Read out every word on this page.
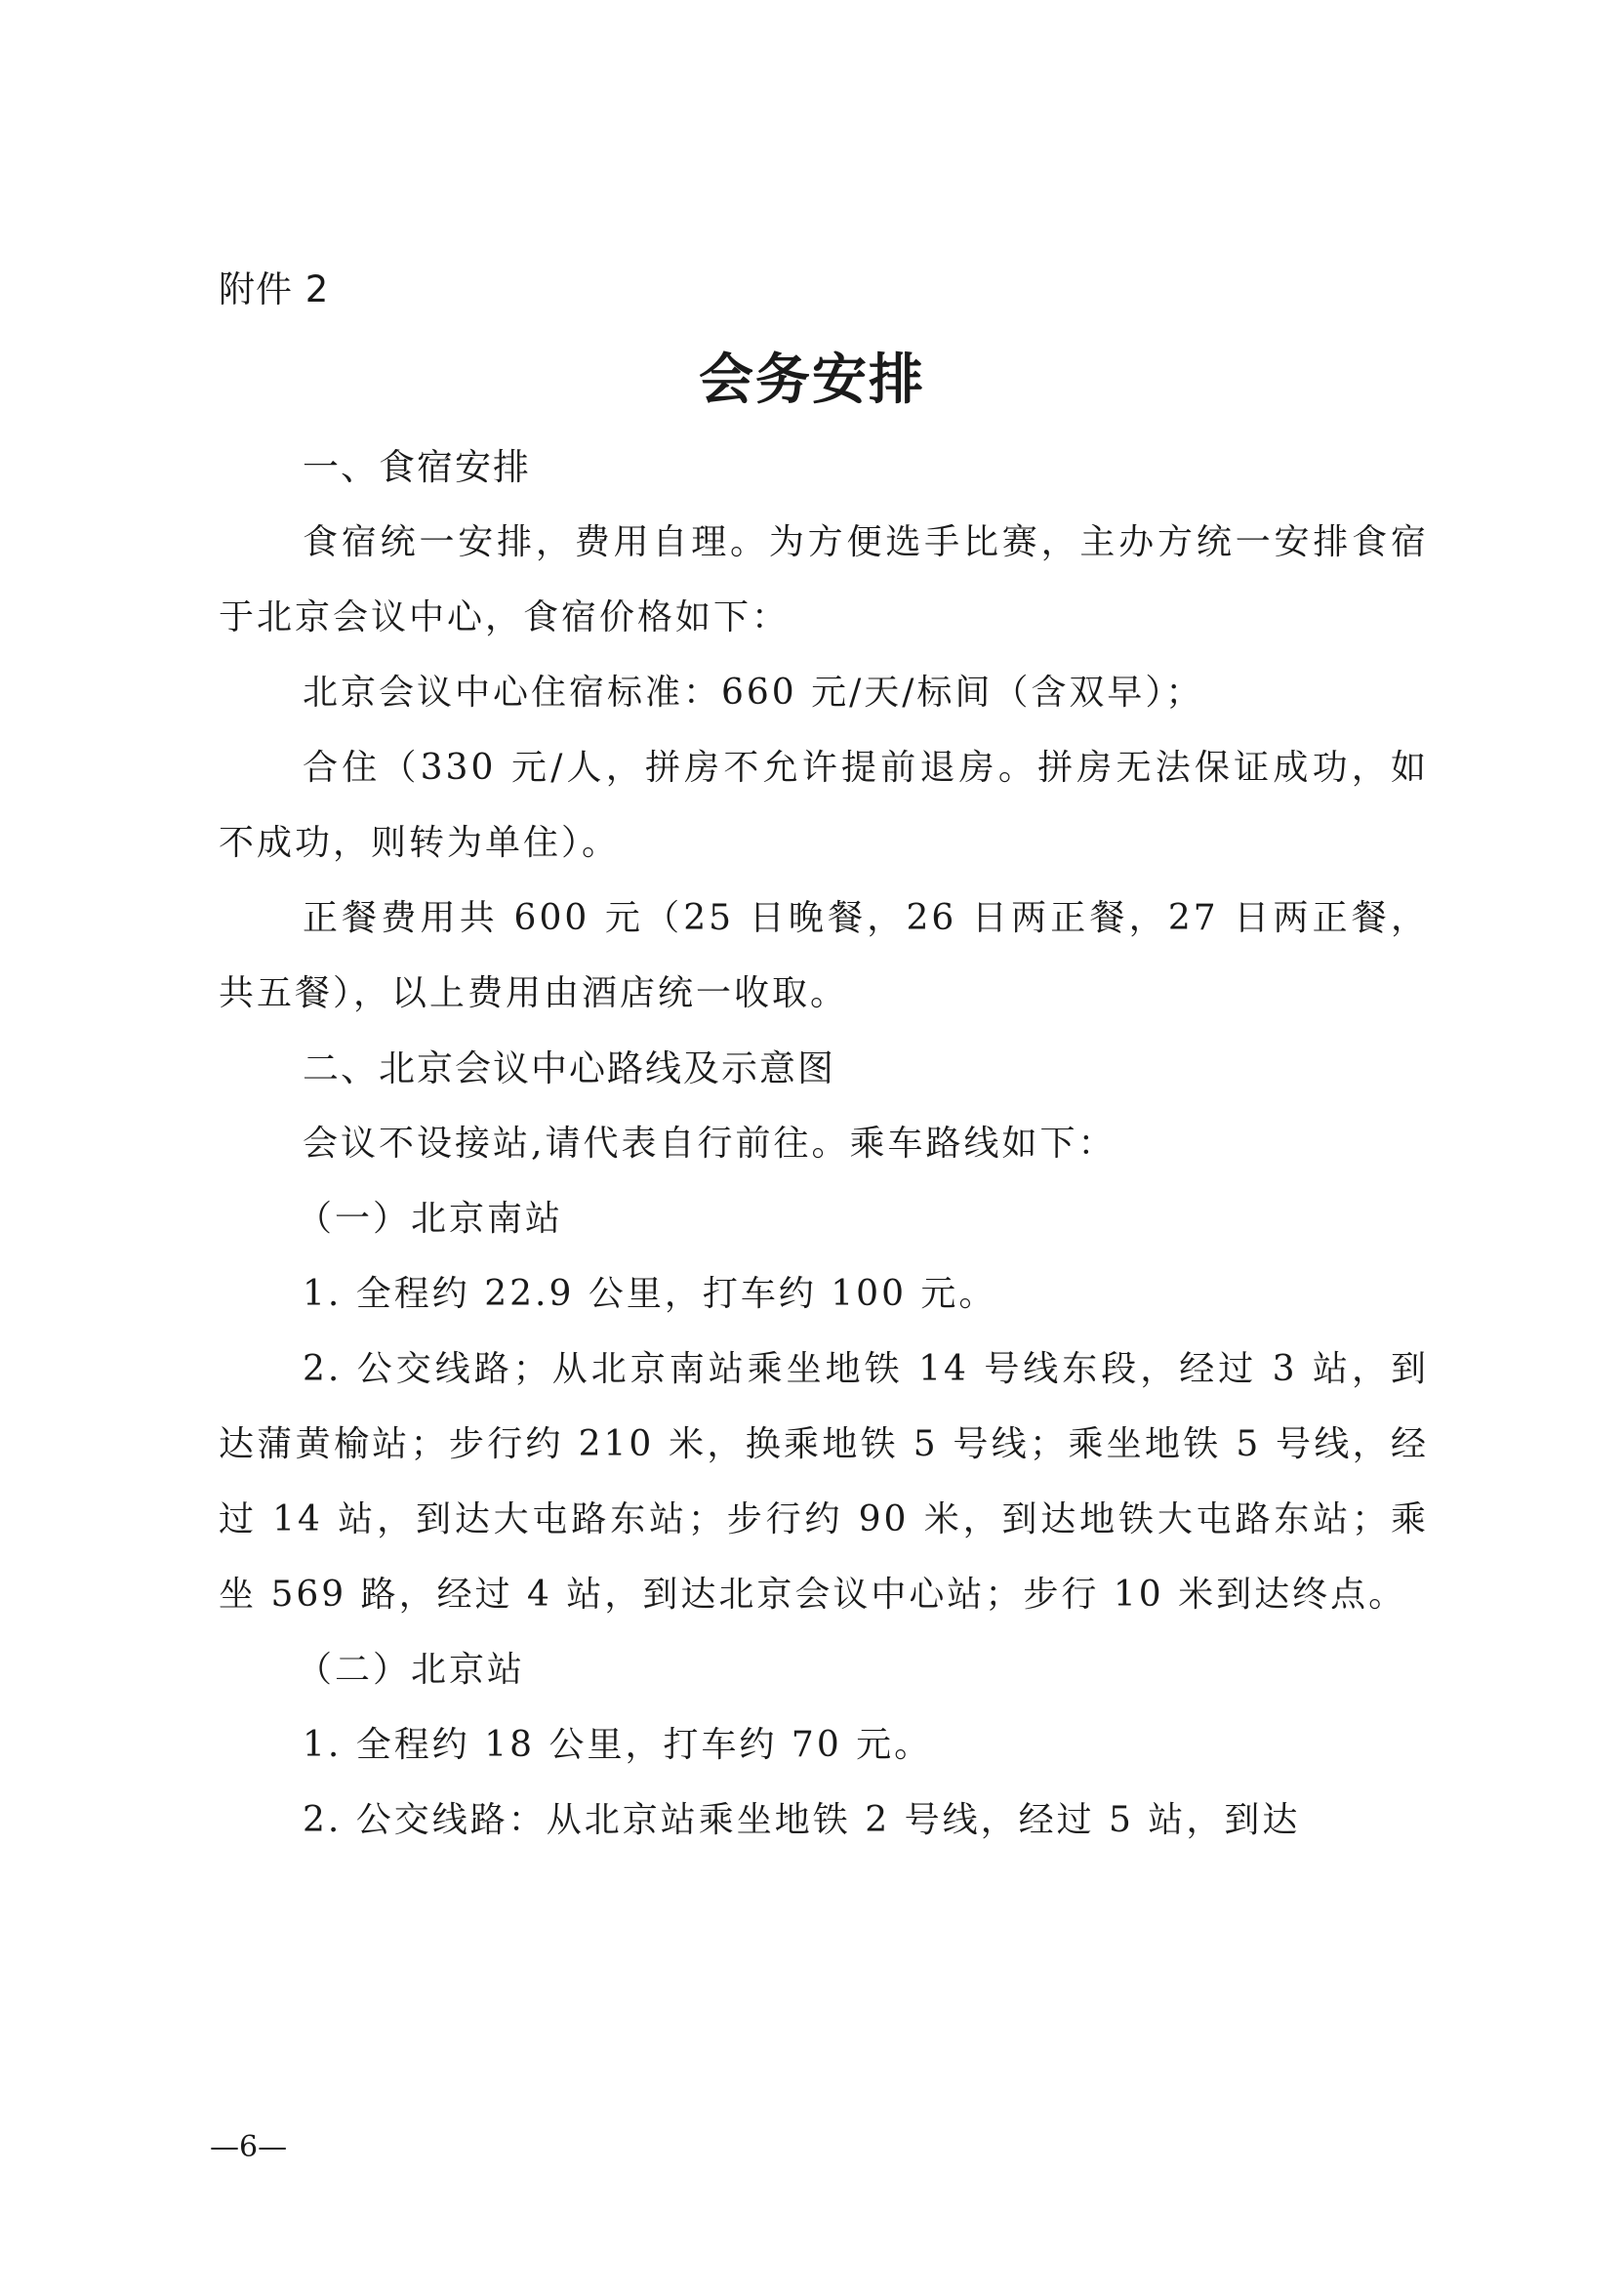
附件 2
会务安排

一、食宿安排

食宿统一安排，费用自理。为方便选手比赛，主办方统一安排食宿于北京会议中心，食宿价格如下：

北京会议中心住宿标准：660 元/天/标间（含双早）；

合住（330 元/人，拼房不允许提前退房。拼房无法保证成功，如不成功，则转为单住）。

正餐费用共 600 元（25 日晚餐，26 日两正餐，27 日两正餐，共五餐），以上费用由酒店统一收取。

二、北京会议中心路线及示意图

会议不设接站,请代表自行前往。乘车路线如下：

（一）北京南站

1. 全程约 22.9 公里，打车约 100 元。

2. 公交线路；从北京南站乘坐地铁 14 号线东段，经过 3 站，到达蒲黄榆站；步行约 210 米，换乘地铁 5 号线；乘坐地铁 5 号线，经过 14 站，到达大屯路东站；步行约 90 米，到达地铁大屯路东站；乘坐 569 路，经过 4 站，到达北京会议中心站；步行 10 米到达终点。

（二）北京站

1. 全程约 18 公里，打车约 70 元。

2. 公交线路：从北京站乘坐地铁 2 号线，经过 5 站，到达

—6—
